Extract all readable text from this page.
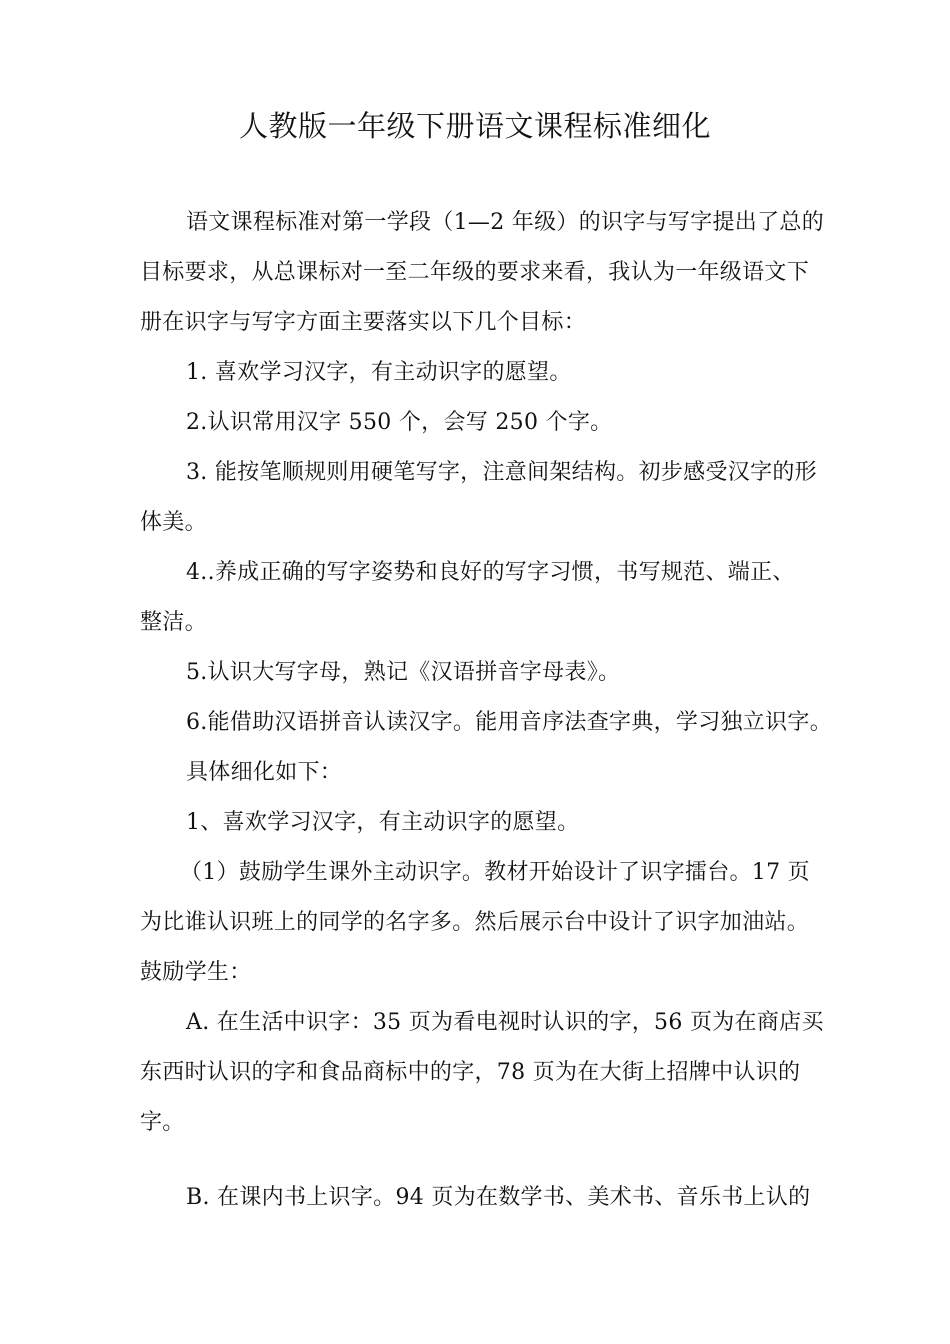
人教版一年级下册语文课程标准细化
语文课程标准对第一学段（1—2 年级）的识字与写字提出了总的
目标要求，从总课标对一至二年级的要求来看，我认为一年级语文下
册在识字与写字方面主要落实以下几个目标：
1. 喜欢学习汉字，有主动识字的愿望。
2.认识常用汉字 550 个，会写 250 个字。
3. 能按笔顺规则用硬笔写字，注意间架结构。初步感受汉字的形
体美。
4..养成正确的写字姿势和良好的写字习惯，书写规范、端正、
整洁。
5.认识大写字母，熟记《汉语拼音字母表》。
6.能借助汉语拼音认读汉字。能用音序法查字典，学习独立识字。
具体细化如下：
1、喜欢学习汉字，有主动识字的愿望。
（1）鼓励学生课外主动识字。教材开始设计了识字擂台。17 页
为比谁认识班上的同学的名字多。然后展示台中设计了识字加油站。
鼓励学生：
A. 在生活中识字：35 页为看电视时认识的字，56 页为在商店买
东西时认识的字和食品商标中的字，78 页为在大街上招牌中认识的
字。
B. 在课内书上识字。94 页为在数学书、美术书、音乐书上认的
